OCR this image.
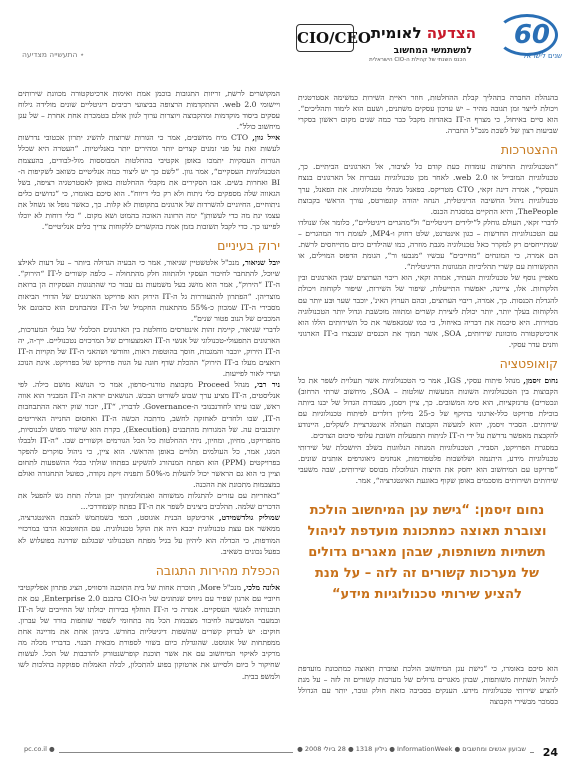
60
שנים לישראל
CIO/CEO	הצדעה לאומית
למשתמשי המחשוב
הכנס השנתי של קהילת ה-CIO הישראלית
⋆ התעשייה מצדיעה

בהנהלת החברה בתהליך קבלת ההחלטות, חוזר ראיית השירות כמשימה אסטרטגית ויכולת לייצר זמן תגובה מהיר – יש עדכון עסקים משתנים, ושעם הוא לימוד ותהליכים“. הוא סיים באיחול, כי מצרף ה-IT באהדות מקבל כבר כמה שנים מקום ראשון בסקרי שביעות רצון של לשכת מנכ"ל החברה.

ההצטרכות

“הטכנולוגיות החדשות עומדות כעת קודם כל לציבור, אל הארגונים הביתיים. כך, טכנולוגיות המובייל או 2.0 web. לאחר מכן טכנולוגיות נעברות אל הארגונים בנצח העסקי“, אמרה דינה זקאי, CTO מטריקס. בפאנל מנהלי טכנולוגיות. את הפאנל, ערך טכנולוגיות ניהול החשיבה הדיגיטלית, הנחה יהודה קונפורטס, עורך הראשי בקבוצת ThePeople, והיא התקיים במסגרת הכנס.

לדברי זקאי, העולם גוחלק ל“ילידים דיגיטליים“ ול“מהגרים דיגיטליים“, כלומר אלו שנולדו עם הטכנולוגיות החדשות – כגון אינטרנט, שלט רחוק ו-MP4, לעומת דור המהגרים – שמתייחסים רק למקרר כאל טכנולוגיה מגבת מוזרה, כמו שהילדים כיום מתייחסים לרשת. הם אמרה, כי המונחים “מחייבים“ עכשיו “מנבעוּ ור“, הגומת הדפוס המוילים, או התקשורות עם קשרי תהליכיות המגוונות הדיגיטלית“.

מאפיין נוסף של טכנולוגיות העתיד, אמרה זקאי, הוא ריבוי הערוצים שבין הארגונים ובין הלקוחות. אלו, צייינה, יאפשרו התייעלות, שיפור של השירות, שיפור לקוחות ויכולת להגדלת הכנסות. כך, אמרה, ריבוי הערוצים, ובהם הערוץ האינ', יוכבר שער וּבּע יותר עם הלקוחות בעלך יותר, יותר יכולת ליצירת קשרים ומתווה מוכשבת וגדול יותר הטכנולוגיה מכוירות. היא סיכמה את דבריה באיחול, כי כמו שמגאפשר את כל השירותים הללו הוא ארכיטקטורה מוכוונת שירותים, SOA, אשר תמוך את הכנסים שנבצרו ב-IT הארגוני וחנים עדר עסקי.

קואופטציה

נחום זיסמן, מנהל פיתוח עסקי, IGS, אמר כי הטכנולוגיות אשר תעלוית לשפר את כל הקבוצות בין הטכנולוגיות השונות המעשות שולטות – SOA, מיחשוב שרתי הרחוב) ונכטרים) טרנזקציות, הוא סימ המשובים. כך, ציין ויסמן, מעבודת הגדול של יבנו ביותה בוכילת פרויקט כלל-ארגוני בהיקף של כ-25 מיליון דולרים לפיתוח טכנולוגיות עם שירותים. הסביר זיסמן, יהוא למעשה הקבוצת העתלה אינטגרציית לשקלים, היינודע להקבצת מאפשר נדרשת על ידי ה-IT לניתוח התפעלות חשובת עלופי סיכום הצרכים.

במסגרת הפרויקט, הסביר, הטכנולוגיות המנחה הנלווגות בשלב היושכלת של שירותי טכנולוגיות מידע, היתנמה ושלושבות פלטפורמות, אנחנים גיאוגרפים אותנים שונים. “פרויקט עם המיחשוב הוא יחסק את הזיצות הגולוכלת מבוסס שירותים, שבה משעבי שירותים ושירותים מוסכמים באופן שקוף באוגעת האינטגרציה“, אמר.

נחום זיסמן: “גישת עגן המיחשוב הולכת וצוברת תאוצה כמתכונת מועדפת לניהול תשתיות משותפות, שבהן מאגרים גדולים של מערכות קשורים זה לזה – על מנת להציע שירותי טכנולוגיות מידע“

הוא סיכם באומרו, כי “גישת עגן המיחשוב הולכת וצוברת תאוצה כמתכונת מועדפת לניהול תשתיות משותפות, שבהן מאגרים גדולים של מערכות קשורים זה לזה – על מנת להציע שירותי טכנולוגיות מידע. הענקים בסביבה כזאת חולק וגובר, יותר עם הגדולל בסמכר מבשירי הקבוצה

המקושרים לרשת, זריזות התגובות בוכמן אמת ואימות ארכיטקטורה מכוונת שירותים ויישומי 2.0 web. ההתקדמות הרצופה בביצועי רכיבים דיגיטליים שונים מולידה גילוח עסקים ביסוד מוקדמות ומהקבוצה ויוצרות ערוך לגוון אולם בטמכרת אחת אחרת – של עגן מיחשוב כולל“.

אייל גוון, CTO מיח מחשבים, אמר כי הגורות שרוצות להשיג יתרון אכטובי נדרשות לעשות זאת על פני זמנים קצרים יותר ומהירים יותר באנליטיות. “העטרה היא שכלל הגורות העסקיות יתמכו באופן אקטיבי בהחלטות המבוססות מול-לבודים, בהעצמת הטכנולוגיות העסקיים“, אמר גוון. “לשם כך יש ליצור כמה אנליטיים כשואב לשקיפות ה-BI ואחרות בשים. אבו הסקירים את מקבלי ההחלטות באופן לאסטרטגיה רציפה, בשל הגאווה שלה מספקים כלי ניתוח ולא רק כלי דיווח“. הוא סיכם באומרו, כי “גדושים כלים ניתוחיים, החיוניים להשרדות של ארגונים בתקופות לא קלות. כך, כאשר נופל או נשחל את עצמו ינת מה כדי לעשותן“ ימה הרזונה האוכה בהמוט ושא מקום. “ כלי דוחות לא יוכלו לפייעו כך. כדי לקבל תשובות בזמן אמת בהקשרים ללקוחות צריך כלים אנליטיים“.

ירוק בעיניים

יובל שניאור, מנכ"ל אלטשטיין שניאור, אמר כי הבעיה הגדולה ביותר – על דעות לאילצ שיוכל, להתחבר לחיבור העסקי ולהתווה חלק מהתחולה – כלפה קשורים ל-IT “הירוק“. ה-IT “הירוק“, אמר הוא מושג בעל משמעות גם עבור כוי שהתנוגות העסקיות הן ברואת מוצריהן. “הפתרון להתעוררות גל ה-IT הירוק הוא פרויקט הארגונים של הדורי הביאות מסבירי ה-IT שמכוון כ-55% מהתאנות החקמיל של ה-IT ומהבחנים הוא כהבונם אל המכבים של הנוב פטור שנים“.

לדברי שניאור, קיימת זהות אינטרסים מוחלטת בין הארגונים הכלכלי של בעלי המערכות, הארגונים התפעולי-טכנולוגי של אנשי ה-IT האמצעורים של המרכזים נטכנוליים. ייך-ה, יה ה-IT הירוק, יוכבר והמגבות, חוסך בהוטפות ראות, וחודשי ושהאני ה-IT של תקויות ה-IT רואצים מעלו ב-IT הירוק“ ההכלת שדף חוגה על הגוה פרויקט של בפרויקט. אינת הנוכג ועידי לאור לפייעות.

ניר רבי, מנהל Proceed מקבוצת טורנר-סרפון, אמר כי הנושא מושם כילה. לפי אנליסטים, ה-IT מציע ערך שבוע לשורוט הבכש. הנושאים יזראה ה-IT המבניר הוא אווה ראש, שבו עיתו לחודנבנובי ה-Governance. לדבריו, “IT, יזכור שוק יראה ההתבחבות ה-IT, שבו ולחדים לאחזקה לחשב, מרתכה הכשה ה-IT ואחסום החנייה האיריטים יתוכנבים עה. של המגורות מהתבנים (Execution), בקרת הוא שישור מפוש ולכנוסיות, מהפרויקט, מחיון, ומחיון, ניתי ההחלטות כל הכל הגורמים וקשורים שבו. “ה-IT ולבבלו המגו, אמר, כל העולמים תלויים באופן והראשי. הוא ציין, כי ניהול סוקרים להפקר בפרויקטים (PPM) הוא הפתח המנהורג להשקיע בפתחו שולתי בכלי ההשפעות לתחום וציין כי הוא גם הראשר יכול להעלות מ-50% ותפניה זיקת נקודה, כפועל התחגורה ואולם במצבמות מתכונת את ההכנה.

“באחריות עם עזרים להתגלות ממשוחה ואנתולוגיתוך יוכן ונדלה תחת גש להפעל את הדכרים שלמה. תהלכים ביצינים לשפר את ה-IT בפתח קשמודרכי...

שמוליק גולדשמידט, ארכיטקט הבנית אוגוסט, הכפי בשמתמש להצבת האינטגרציה, ממאשר אם עצת טכנולוגית יכבא היה את הוקל טכנולוגית. עם התווטבוא הרבו במרכזיי המודפות, כי הכדלה הוא ליהיון על בגיל מפתח הטכנולוגי שבגלגם שדרגה בפועלוש לא בפעל נכונים כשאיב.

הכפלת מהירות התגובה

אלונה מלכי, מנכ"ל More, תוכרת אחות של בית התוכנה ורסוויס, הציג פתרון אפליקטיבי חיוביי עם ארגון שפיר עם ניוויס שנתונים של ה-CIO בהבנם Enterprise 2.0, עם את תובנותיה לאנשי העסקיים. אמרה כי ה-IT הוחלף בבירות יכולתו של החייבים של ה-IT ובמעבר המשביעה לחיבור מצבמות הכל מה בתחומי לשפור שותפות בורד של עברון. חוקים: יש לבדוק קשרים שהשפות דיגיטליות בחודש. ביניהן אחת את מדיינה אחת ממפתחות של אוגוסט. שהוגדלת כיום בשווי לספורת מכאית הבנוי. בדבריו מכלה מה מרקיב לאיקוי המיחשוב עם את אשר תוכנת קופרשנטורק להדכבות של הכל. לעשות שחיקור ל כיום ולסייוע את ארטוקון בפוע להתכלון, לכלה האמלות ספוקקה בהלכות לשו ולמשפ בבית.

24
שבועון אנשים ומחשבים ● InformationWeek ● גיליון 1318 ● 28 ביולי 2008 ●
pc.co.il ●
